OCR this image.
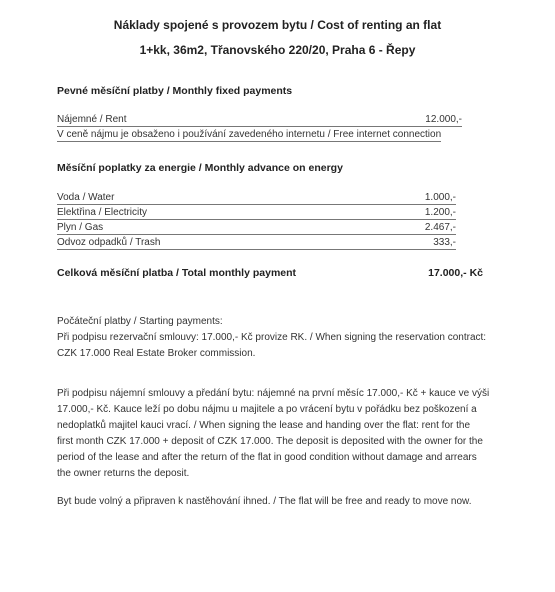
Náklady spojené s provozem bytu / Cost of renting an flat
1+kk, 36m2, Třanovského 220/20, Praha 6 - Řepy
Pevné měsíční platby / Monthly fixed payments
Nájemné / Rent	12.000,-
V ceně nájmu je obsaženo i používání zavedeného internetu / Free internet connection
Měsíční poplatky za energie / Monthly advance on energy
Voda / Water	1.000,-
Elektřina / Electricity	1.200,-
Plyn / Gas	2.467,-
Odvoz odpadků / Trash	333,-
Celková měsíční platba / Total monthly payment	17.000,- Kč
Počáteční platby / Starting payments:
Při podpisu rezervační smlouvy: 17.000,- Kč provize RK. / When signing the reservation contract:
CZK 17.000 Real Estate Broker commission.
Při podpisu nájemní smlouvy a předání bytu: nájemné na první měsíc 17.000,- Kč + kauce ve výši
17.000,- Kč. Kauce leží po dobu nájmu u majitele a po vrácení bytu v pořádku bez poškození a
nedoplatků majitel kauci vrací. / When signing the lease and handing over the flat: rent for the
first month CZK 17.000 + deposit of CZK 17.000. The deposit is deposited with the owner for the
period of the lease and after the return of the flat in good condition without damage and arrears
the owner returns the deposit.
Byt bude volný a připraven k nastěhování ihned. / The flat will be free and ready to move now.
